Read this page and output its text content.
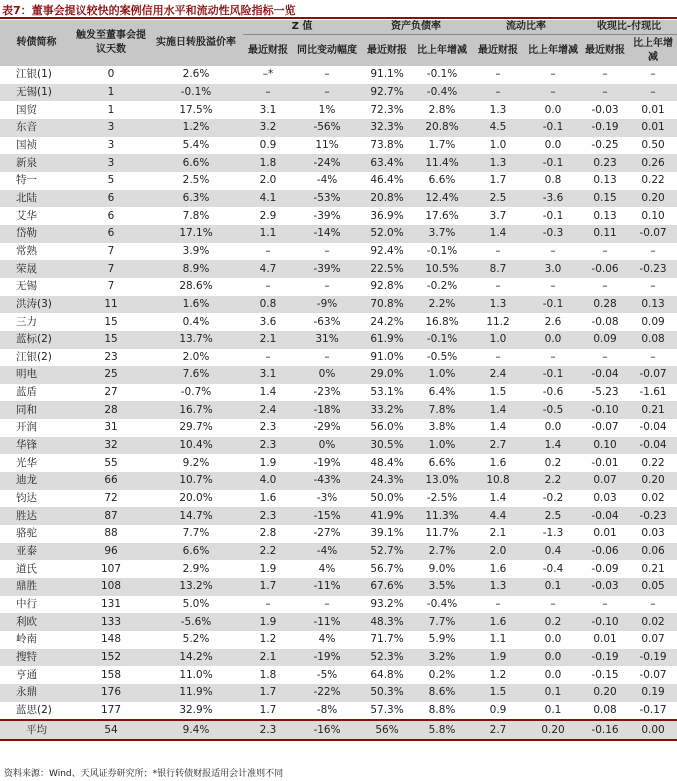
表7：董事会提议较快的案例信用水平和流动性风险指标一览
转债简称	触发至董事会提议天数	实施日转股溢价率	Z 值		资产负债率		流动比率		收现比-付现比	
			最近财报	同比变动幅度	最近财报	比上年增减	最近财报	比上年增减	最近财报	比上年增减
江银(1)	0	2.6%	–*	–	91.1%	-0.1%	–	–	–	–
无锡(1)	1	-0.1%	–	–	92.7%	-0.4%	–	–	–	–
国贸	1	17.5%	3.1	1%	72.3%	2.8%	1.3	0.0	-0.03	0.01
东音	3	1.2%	3.2	-56%	32.3%	20.8%	4.5	-0.1	-0.19	0.01
国祯	3	5.4%	0.9	11%	73.8%	1.7%	1.0	0.0	-0.25	0.50
新泉	3	6.6%	1.8	-24%	63.4%	11.4%	1.3	-0.1	0.23	0.26
特一	5	2.5%	2.0	-4%	46.4%	6.6%	1.7	0.8	0.13	0.22
北陆	6	6.3%	4.1	-53%	20.8%	12.4%	2.5	-3.6	0.15	0.20
艾华	6	7.8%	2.9	-39%	36.9%	17.6%	3.7	-0.1	0.13	0.10
岱勒	6	17.1%	1.1	-14%	52.0%	3.7%	1.4	-0.3	0.11	-0.07
常熟	7	3.9%	–	–	92.4%	-0.1%	–	–	–	–
荣晟	7	8.9%	4.7	-39%	22.5%	10.5%	8.7	3.0	-0.06	-0.23
无锡	7	28.6%	–	–	92.8%	-0.2%	–	–	–	–
洪涛(3)	11	1.6%	0.8	-9%	70.8%	2.2%	1.3	-0.1	0.28	0.13
三力	15	0.4%	3.6	-63%	24.2%	16.8%	11.2	2.6	-0.08	0.09
蓝标(2)	15	13.7%	2.1	31%	61.9%	-0.1%	1.0	0.0	0.09	0.08
江银(2)	23	2.0%	–	–	91.0%	-0.5%	–	–	–	–
明电	25	7.6%	3.1	0%	29.0%	1.0%	2.4	-0.1	-0.04	-0.07
蓝盾	27	-0.7%	1.4	-23%	53.1%	6.4%	1.5	-0.6	-5.23	-1.61
同和	28	16.7%	2.4	-18%	33.2%	7.8%	1.4	-0.5	-0.10	0.21
开润	31	29.7%	2.3	-29%	56.0%	3.8%	1.4	0.0	-0.07	-0.04
华锋	32	10.4%	2.3	0%	30.5%	1.0%	2.7	1.4	0.10	-0.04
光华	55	9.2%	1.9	-19%	48.4%	6.6%	1.6	0.2	-0.01	0.22
迪龙	66	10.7%	4.0	-43%	24.3%	13.0%	10.8	2.2	0.07	0.20
钧达	72	20.0%	1.6	-3%	50.0%	-2.5%	1.4	-0.2	0.03	0.02
胜达	87	14.7%	2.3	-15%	41.9%	11.3%	4.4	2.5	-0.04	-0.23
骆驼	88	7.7%	2.8	-27%	39.1%	11.7%	2.1	-1.3	0.01	0.03
亚泰	96	6.6%	2.2	-4%	52.7%	2.7%	2.0	0.4	-0.06	0.06
道氏	107	2.9%	1.9	4%	56.7%	9.0%	1.6	-0.4	-0.09	0.21
鼎胜	108	13.2%	1.7	-11%	67.6%	3.5%	1.3	0.1	-0.03	0.05
中行	131	5.0%	–	–	93.2%	-0.4%	–	–	–	–
利欧	133	-5.6%	1.9	-11%	48.3%	7.7%	1.6	0.2	-0.10	0.02
岭南	148	5.2%	1.2	4%	71.7%	5.9%	1.1	0.0	0.01	0.07
搜特	152	14.2%	2.1	-19%	52.3%	3.2%	1.9	0.0	-0.19	-0.19
亨通	158	11.0%	1.8	-5%	64.8%	0.2%	1.2	0.0	-0.15	-0.07
永鼎	176	11.9%	1.7	-22%	50.3%	8.6%	1.5	0.1	0.20	0.19
蓝思(2)	177	32.9%	1.7	-8%	57.3%	8.8%	0.9	0.1	0.08	-0.17
平均	54	9.4%	2.3	-16%	56%	5.8%	2.7	0.20	-0.16	0.00
资料来源：Wind、天风证券研究所；*银行转债财报适用会计准则不同
